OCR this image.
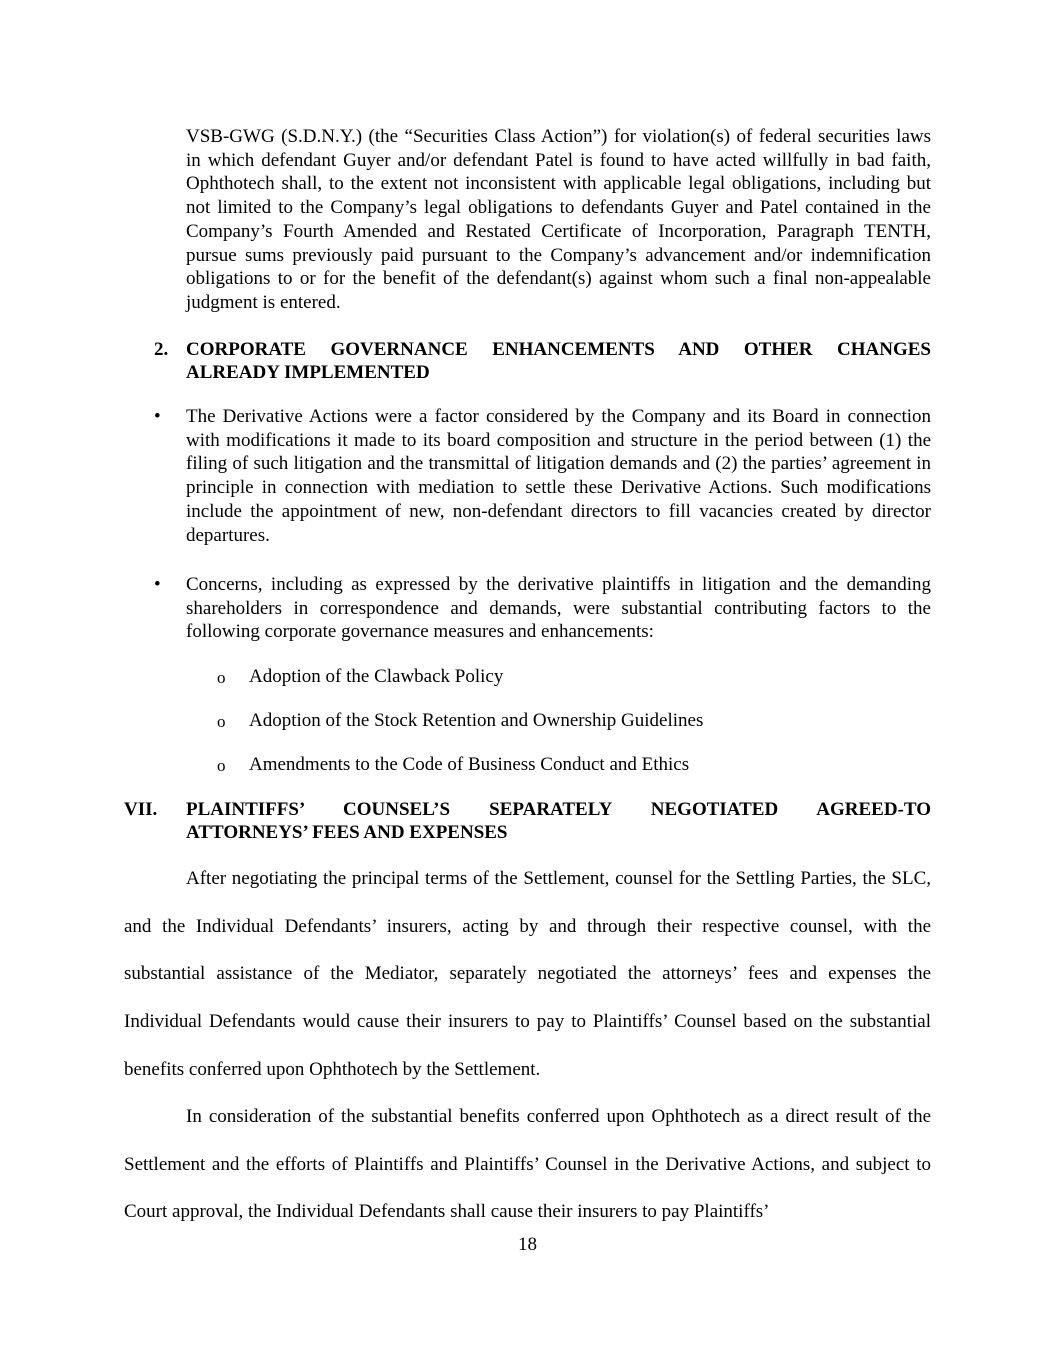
VSB-GWG (S.D.N.Y.) (the “Securities Class Action”) for violation(s) of federal securities laws in which defendant Guyer and/or defendant Patel is found to have acted willfully in bad faith, Ophthotech shall, to the extent not inconsistent with applicable legal obligations, including but not limited to the Company’s legal obligations to defendants Guyer and Patel contained in the Company’s Fourth Amended and Restated Certificate of Incorporation, Paragraph TENTH, pursue sums previously paid pursuant to the Company’s advancement and/or indemnification obligations to or for the benefit of the defendant(s) against whom such a final non-appealable judgment is entered.
2. CORPORATE GOVERNANCE ENHANCEMENTS AND OTHER CHANGES
ALREADY IMPLEMENTED
• The Derivative Actions were a factor considered by the Company and its Board in connection with modifications it made to its board composition and structure in the period between (1) the filing of such litigation and the transmittal of litigation demands and (2) the parties’ agreement in principle in connection with mediation to settle these Derivative Actions. Such modifications include the appointment of new, non-defendant directors to fill vacancies created by director departures.
• Concerns, including as expressed by the derivative plaintiffs in litigation and the demanding shareholders in correspondence and demands, were substantial contributing factors to the following corporate governance measures and enhancements:
o Adoption of the Clawback Policy
o Adoption of the Stock Retention and Ownership Guidelines
o Amendments to the Code of Business Conduct and Ethics
VII. PLAINTIFFS’ COUNSEL’S SEPARATELY NEGOTIATED AGREED-TO
ATTORNEYS’ FEES AND EXPENSES
After negotiating the principal terms of the Settlement, counsel for the Settling Parties, the SLC, and the Individual Defendants’ insurers, acting by and through their respective counsel, with the substantial assistance of the Mediator, separately negotiated the attorneys’ fees and expenses the Individual Defendants would cause their insurers to pay to Plaintiffs’ Counsel based on the substantial benefits conferred upon Ophthotech by the Settlement.
In consideration of the substantial benefits conferred upon Ophthotech as a direct result of the Settlement and the efforts of Plaintiffs and Plaintiffs’ Counsel in the Derivative Actions, and subject to Court approval, the Individual Defendants shall cause their insurers to pay Plaintiffs’
18
